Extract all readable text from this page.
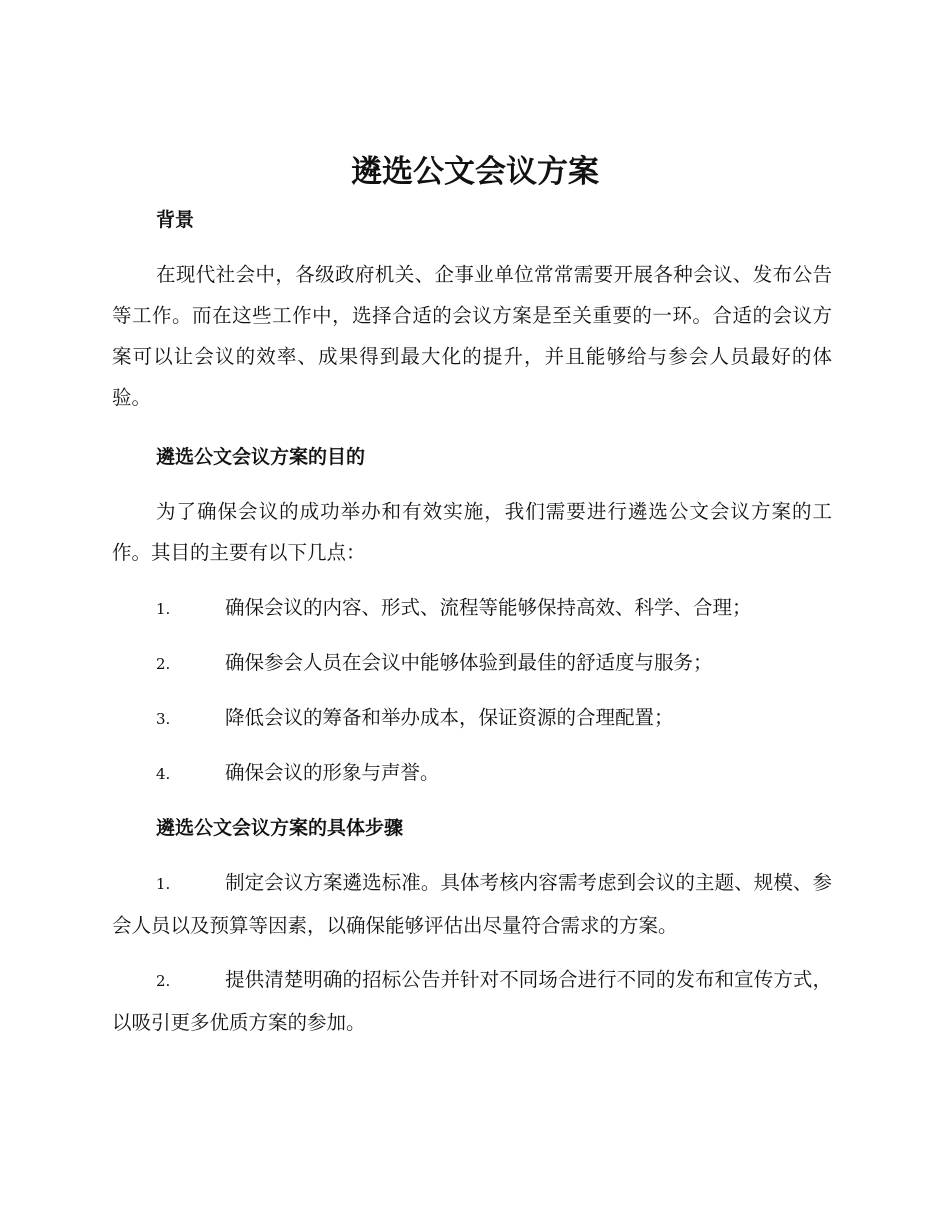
遴选公文会议方案
背景

在现代社会中，各级政府机关、企事业单位常常需要开展各种会议、发布公告等工作。而在这些工作中，选择合适的会议方案是至关重要的一环。合适的会议方案可以让会议的效率、成果得到最大化的提升，并且能够给与参会人员最好的体验。

遴选公文会议方案的目的

为了确保会议的成功举办和有效实施，我们需要进行遴选公文会议方案的工作。其目的主要有以下几点：

1.	确保会议的内容、形式、流程等能够保持高效、科学、合理；

2.	确保参会人员在会议中能够体验到最佳的舒适度与服务；

3.	降低会议的筹备和举办成本，保证资源的合理配置；

4.	确保会议的形象与声誉。

遴选公文会议方案的具体步骤

1.	制定会议方案遴选标准。具体考核内容需考虑到会议的主题、规模、参会人员以及预算等因素，以确保能够评估出尽量符合需求的方案。

2.	提供清楚明确的招标公告并针对不同场合进行不同的发布和宣传方式，以吸引更多优质方案的参加。
